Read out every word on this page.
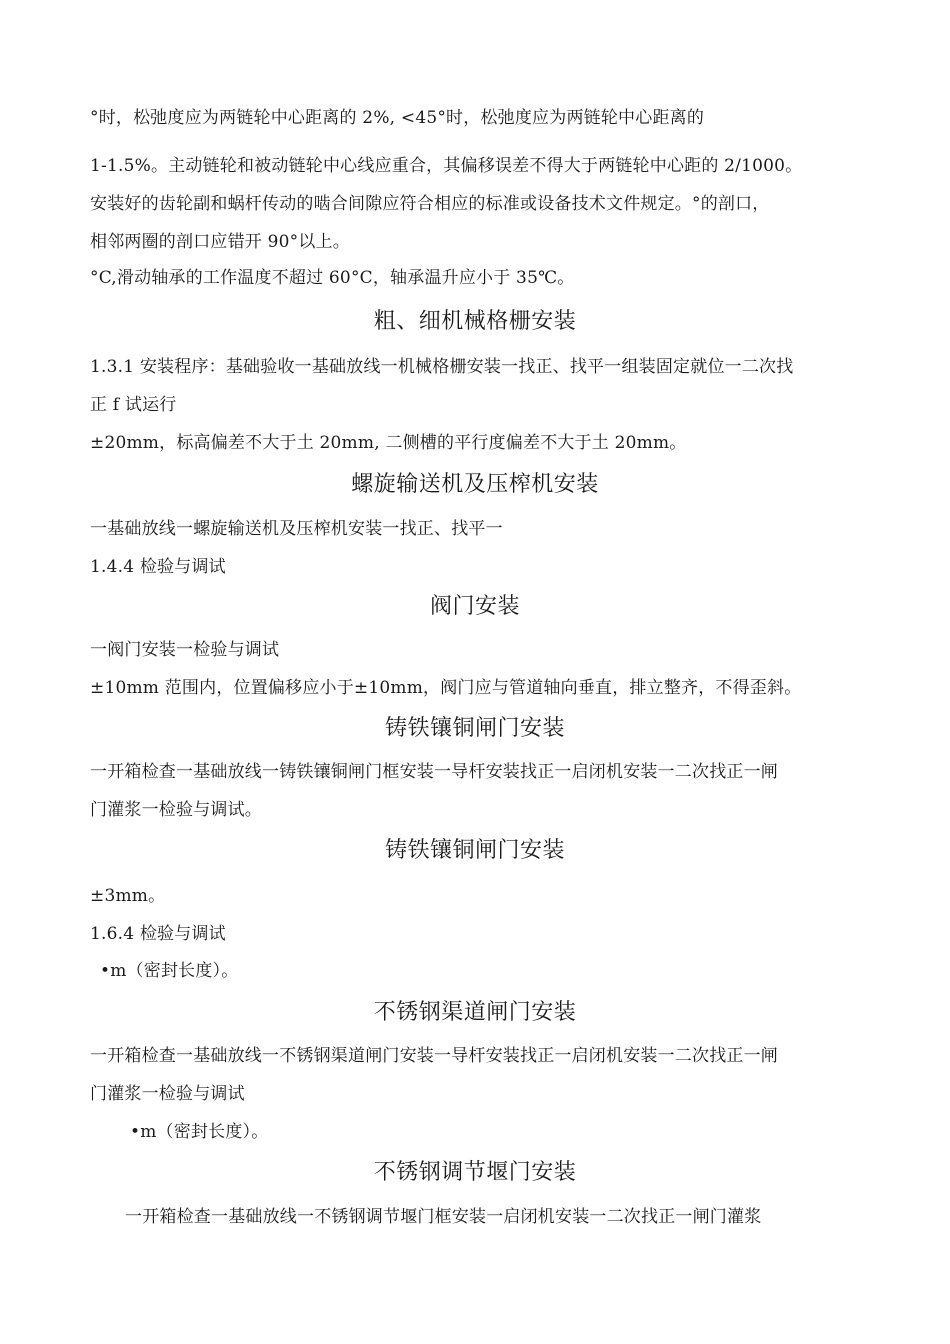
°时，松弛度应为两链轮中心距离的 2%, <45°时，松弛度应为两链轮中心距离的
1-1.5%。主动链轮和被动链轮中心线应重合，其偏移误差不得大于两链轮中心距的 2/1000。
安装好的齿轮副和蜗杆传动的啮合间隙应符合相应的标准或设备技术文件规定。°的剖口，
相邻两圈的剖口应错开 90°以上。
°C,滑动轴承的工作温度不超过 60°C，轴承温升应小于 35℃。
粗、细机械格栅安装
1.3.1 安装程序：基础验收一基础放线一机械格栅安装一找正、找平一组装固定就位一二次找
正 f 试运行
±20mm，标高偏差不大于土 20mm, 二侧槽的平行度偏差不大于土 20mm。
螺旋输送机及压榨机安装
一基础放线一螺旋输送机及压榨机安装一找正、找平一
1.4.4 检验与调试
阀门安装
一阀门安装一检验与调试
±10mm 范围内，位置偏移应小于±10mm，阀门应与管道轴向垂直，排立整齐，不得歪斜。
铸铁镶铜闸门安装
一开箱检查一基础放线一铸铁镶铜闸门框安装一导杆安装找正一启闭机安装一二次找正一闸
门灌浆一检验与调试。
铸铁镶铜闸门安装
±3mm。
1.6.4 检验与调试
•m（密封长度）。
不锈钢渠道闸门安装
一开箱检查一基础放线一不锈钢渠道闸门安装一导杆安装找正一启闭机安装一二次找正一闸
门灌浆一检验与调试
•m（密封长度）。
不锈钢调节堰门安装
一开箱检查一基础放线一不锈钢调节堰门框安装一启闭机安装一二次找正一闸门灌浆
